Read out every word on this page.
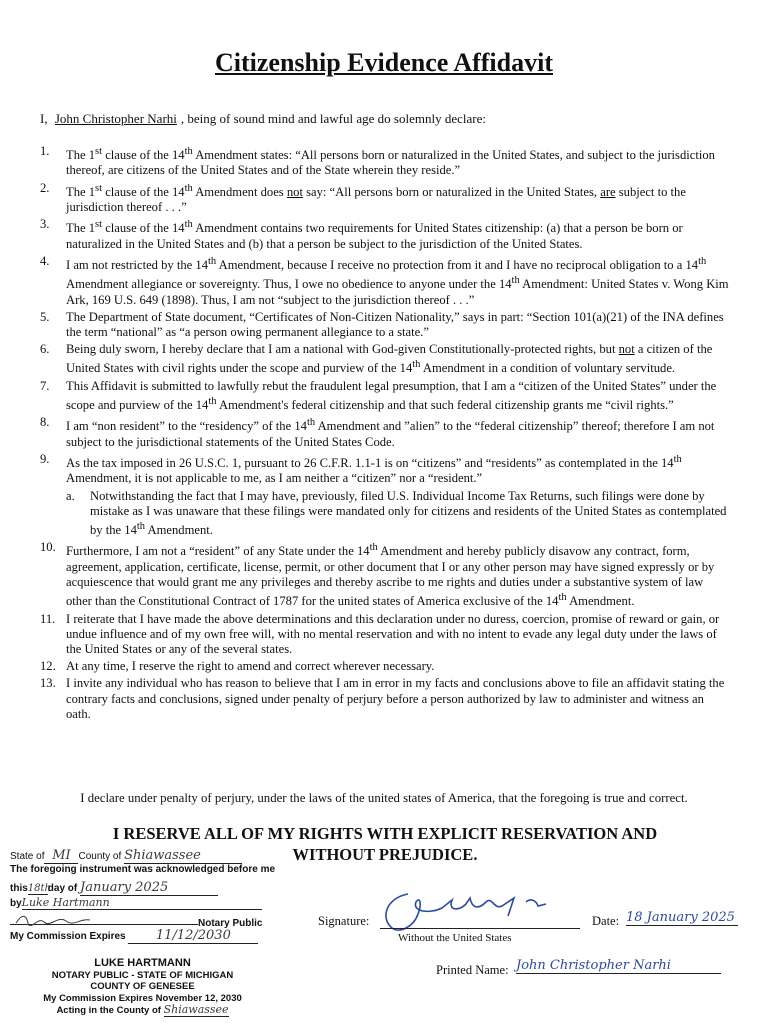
Citizenship Evidence Affidavit
I, John Christopher Narhi , being of sound mind and lawful age do solemnly declare:
1.	The 1st clause of the 14th Amendment states: “All persons born or naturalized in the United States, and subject to the jurisdiction thereof, are citizens of the United States and of the State wherein they reside.”
2.	The 1st clause of the 14th Amendment does not say: “All persons born or naturalized in the United States, are subject to the jurisdiction thereof . . .”
3.	The 1st clause of the 14th Amendment contains two requirements for United States citizenship: (a) that a person be born or naturalized in the United States and (b) that a person be subject to the jurisdiction of the United States.
4.	I am not restricted by the 14th Amendment, because I receive no protection from it and I have no reciprocal obligation to a 14th Amendment allegiance or sovereignty. Thus, I owe no obedience to anyone under the 14th Amendment: United States v. Wong Kim Ark, 169 U.S. 649 (1898). Thus, I am not “subject to the jurisdiction thereof . . .”
5.	The Department of State document, “Certificates of Non-Citizen Nationality,” says in part: “Section 101(a)(21) of the INA defines the term “national” as “a person owing permanent allegiance to a state.”
6.	Being duly sworn, I hereby declare that I am a national with God-given Constitutionally-protected rights, but not a citizen of the United States with civil rights under the scope and purview of the 14th Amendment in a condition of voluntary servitude.
7.	This Affidavit is submitted to lawfully rebut the fraudulent legal presumption, that I am a “citizen of the United States” under the scope and purview of the 14th Amendment's federal citizenship and that such federal citizenship grants me “civil rights.”
8.	I am “non resident” to the “residency” of the 14th Amendment and ”alien” to the “federal citizenship” thereof; therefore I am not subject to the jurisdictional statements of the United States Code.
9.	As the tax imposed in 26 U.S.C. 1, pursuant to 26 C.F.R. 1.1-1 is on “citizens” and “residents” as contemplated in the 14th Amendment, it is not applicable to me, as I am neither a “citizen” nor a “resident.”
a.	Notwithstanding the fact that I may have, previously, filed U.S. Individual Income Tax Returns, such filings were done by mistake as I was unaware that these filings were mandated only for citizens and residents of the United States as contemplated by the 14th Amendment.
10. Furthermore, I am not a “resident” of any State under the 14th Amendment and hereby publicly disavow any contract, form, agreement, application, certificate, license, permit, or other document that I or any other person may have signed expressly or by acquiescence that would grant me any privileges and thereby ascribe to me rights and duties under a substantive system of law other than the Constitutional Contract of 1787 for the united states of America exclusive of the 14th Amendment.
11. I reiterate that I have made the above determinations and this declaration under no duress, coercion, promise of reward or gain, or undue influence and of my own free will, with no mental reservation and with no intent to evade any legal duty under the laws of the United States or any of the several states.
12. At any time, I reserve the right to amend and correct wherever necessary.
13. I invite any individual who has reason to believe that I am in error in my facts and conclusions above to file an affidavit stating the contrary facts and conclusions, signed under penalty of perjury before a person authorized by law to administer and witness an oath.
I declare under penalty of perjury, under the laws of the united states of America, that the foregoing is true and correct.
I RESERVE ALL OF MY RIGHTS WITH EXPLICIT RESERVATION AND
WITHOUT PREJUDICE.
State of MI County of Shiawassee
The foregoing instrument was acknowledged before me
this18thday of January 2025
byLuke Hartmann
Notary Public
My Commission Expires 11/12/2030
LUKE HARTMANN
NOTARY PUBLIC - STATE OF MICHIGAN
COUNTY OF GENESEE
My Commission Expires November 12, 2030
Acting in the County of Shiawassee
Signature:
Without the United States
Date: 18 January 2025
Printed Name: John Christopher Narhi
